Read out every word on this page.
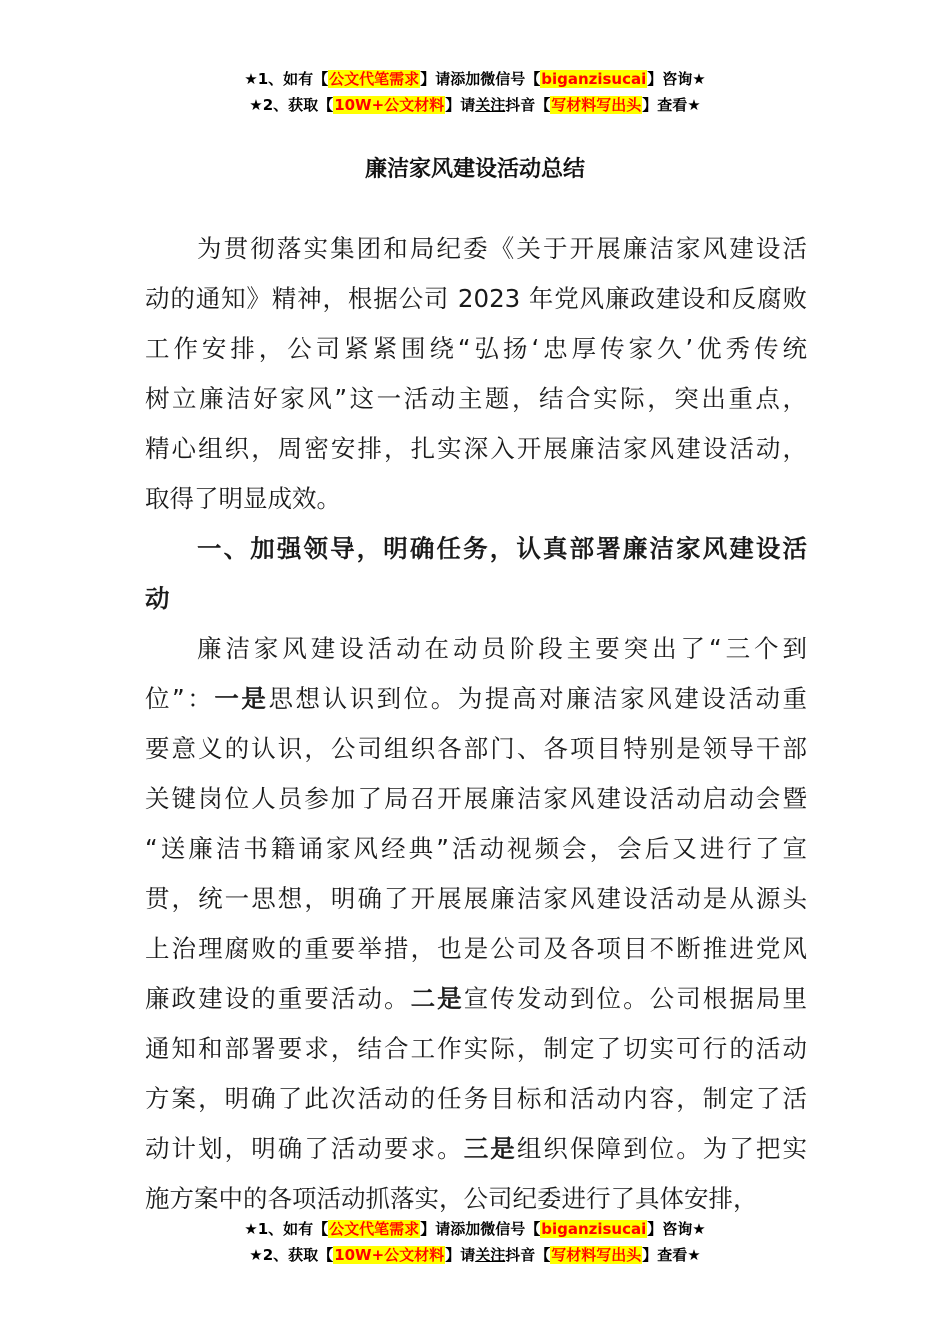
★1、如有【公文代笔需求】请添加微信号【biganzisucai】咨询★
★2、获取【10W+公文材料】请关注抖音【写材料写出头】查看★
廉洁家风建设活动总结
为贯彻落实集团和局纪委《关于开展廉洁家风建设活
动的通知》精神，根据公司 2023 年党风廉政建设和反腐败
工作安排，公司紧紧围绕“弘扬‘忠厚传家久’优秀传统
树立廉洁好家风”这一活动主题，结合实际，突出重点，
精心组织，周密安排，扎实深入开展廉洁家风建设活动，
取得了明显成效。
一、加强领导，明确任务，认真部署廉洁家风建设活
动
廉洁家风建设活动在动员阶段主要突出了“三个到
位”：一是思想认识到位。为提高对廉洁家风建设活动重
要意义的认识，公司组织各部门、各项目特别是领导干部
关键岗位人员参加了局召开展廉洁家风建设活动启动会暨
“送廉洁书籍诵家风经典”活动视频会，会后又进行了宣
贯，统一思想，明确了开展展廉洁家风建设活动是从源头
上治理腐败的重要举措，也是公司及各项目不断推进党风
廉政建设的重要活动。二是宣传发动到位。公司根据局里
通知和部署要求，结合工作实际，制定了切实可行的活动
方案，明确了此次活动的任务目标和活动内容，制定了活
动计划，明确了活动要求。三是组织保障到位。为了把实
施方案中的各项活动抓落实，公司纪委进行了具体安排，
★1、如有【公文代笔需求】请添加微信号【biganzisucai】咨询★
★2、获取【10W+公文材料】请关注抖音【写材料写出头】查看★
